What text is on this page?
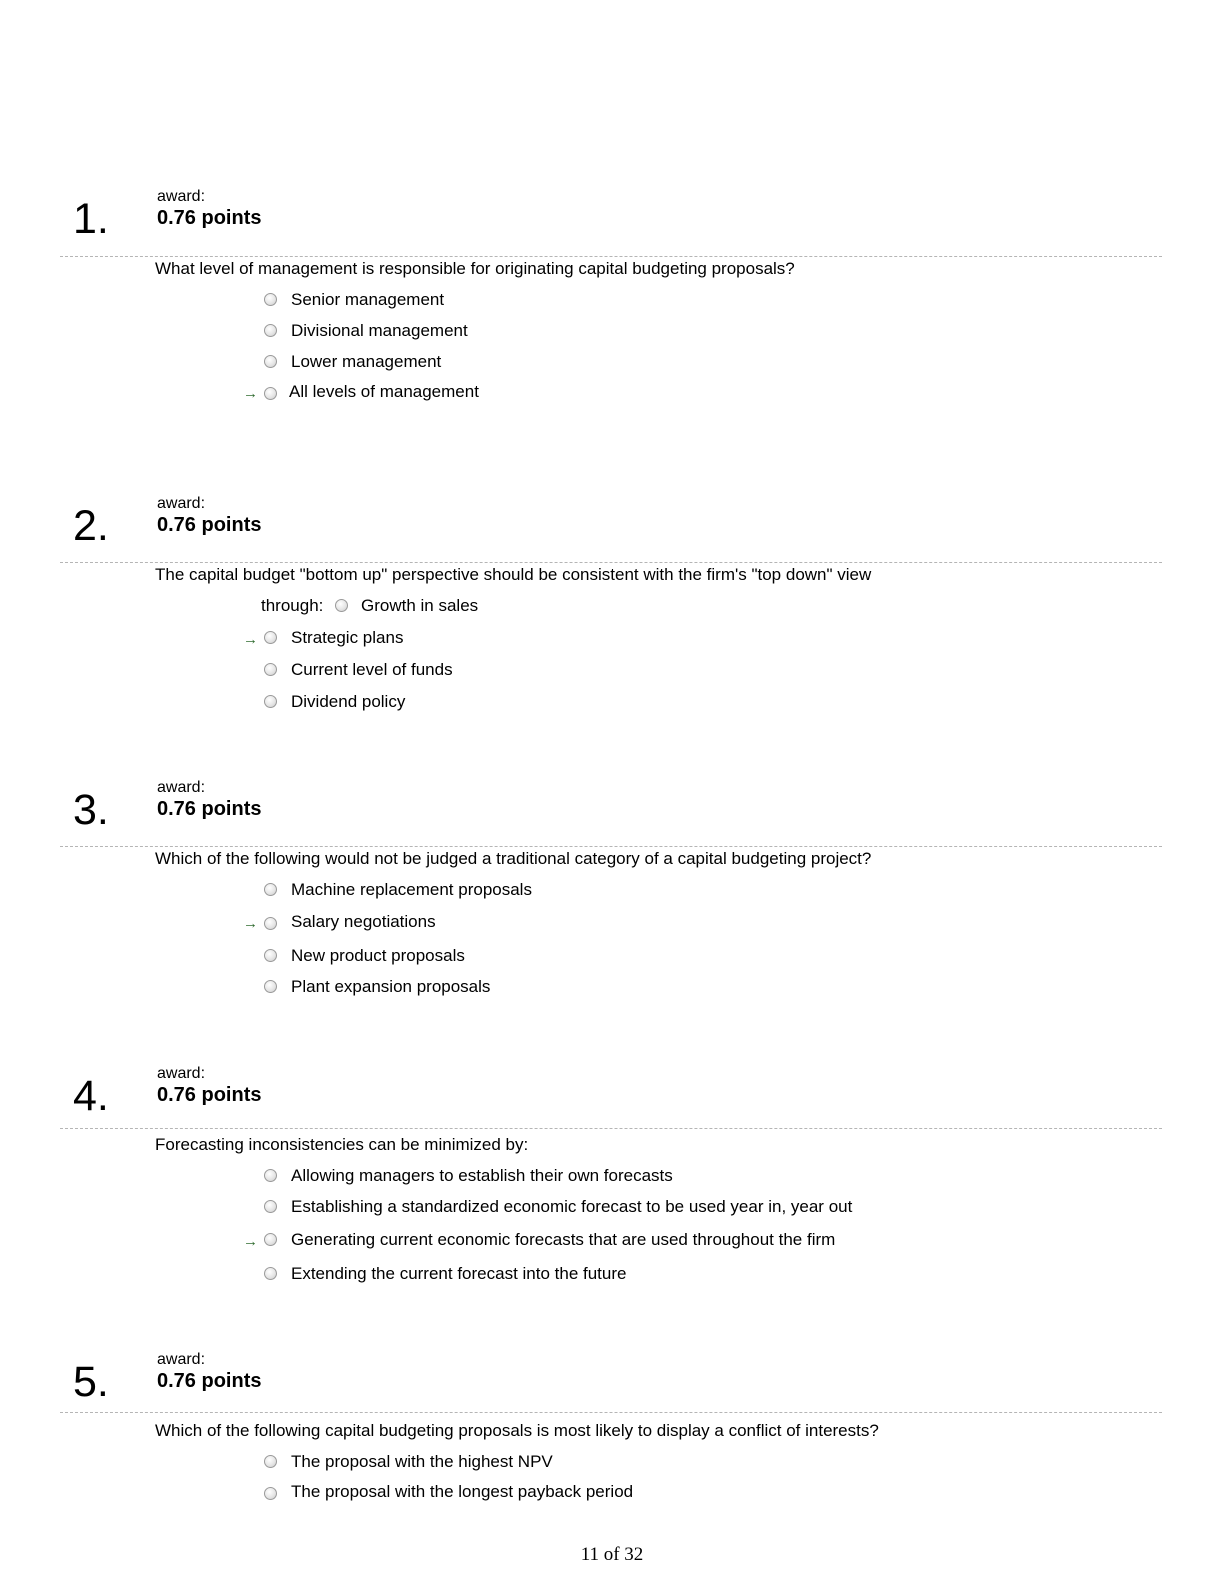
award:
0.76 points
1.
What level of management is responsible for originating capital budgeting proposals?
Senior management
Divisional management
Lower management
→ All levels of management
award:
0.76 points
2.
The capital budget "bottom up" perspective should be consistent with the firm's "top down" view
through: Growth in sales
→ Strategic plans
Current level of funds
Dividend policy
award:
0.76 points
3.
Which of the following would not be judged a traditional category of a capital budgeting project?
Machine replacement proposals
→ Salary negotiations
New product proposals
Plant expansion proposals
award:
0.76 points
4.
Forecasting inconsistencies can be minimized by:
Allowing managers to establish their own forecasts
Establishing a standardized economic forecast to be used year in, year out
→ Generating current economic forecasts that are used throughout the firm
Extending the current forecast into the future
award:
0.76 points
5.
Which of the following capital budgeting proposals is most likely to display a conflict of interests?
The proposal with the highest NPV
The proposal with the longest payback period
11 of 32
